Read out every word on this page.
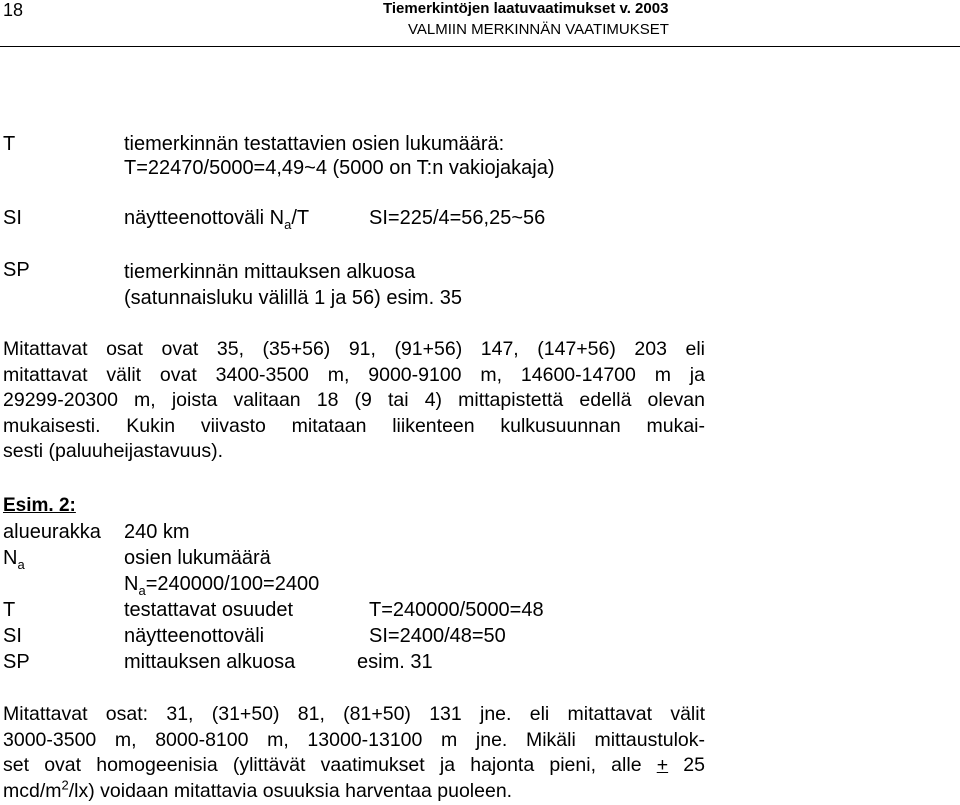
18	Tiemerkintöjen laatuvaatimukset v. 2003
VALMIIN MERKINNÄN VAATIMUKSET
T	tiemerkinnän testattavien osien lukumäärä:
T=22470/5000=4,49~4 (5000 on T:n vakiojakaja)
SI	näytteenottoväli $N_a/T$	SI=225/4=56,25~56
SP	tiemerkinnän mittauksen alkuosa
(satunnaisluku välillä 1 ja 56) esim. 35
Mitattavat osat ovat 35, (35+56) 91, (91+56) 147, (147+56) 203 eli
mitattavat välit ovat 3400-3500 m, 9000-9100 m, 14600-14700 m ja
29299-20300 m, joista valitaan 18 (9 tai 4) mittapistettä edellä olevan
mukaisesti. Kukin viivasto mitataan liikenteen kulkusuunnan mukai-
sesti (paluuheijastavuus).
Esim. 2:
alueurakka 240 km
$N_a$	osien lukumäärä
$N_a=240000/100=2400$
T	testattavat osuudet	T=240000/5000=48
SI	näytteenottoväli	SI=2400/48=50
SP	mittauksen alkuosa	esim. 31
Mitattavat osat: 31, (31+50) 81, (81+50) 131 jne. eli mitattavat välit
3000-3500 m, 8000-8100 m, 13000-13100 m jne. Mikäli mittaustulok-
set ovat homogeenisia (ylittävät vaatimukset ja hajonta pieni, alle + 25
mcd/$m^2/lx$) voidaan mitattavia osuuksia harventaa puoleen.
